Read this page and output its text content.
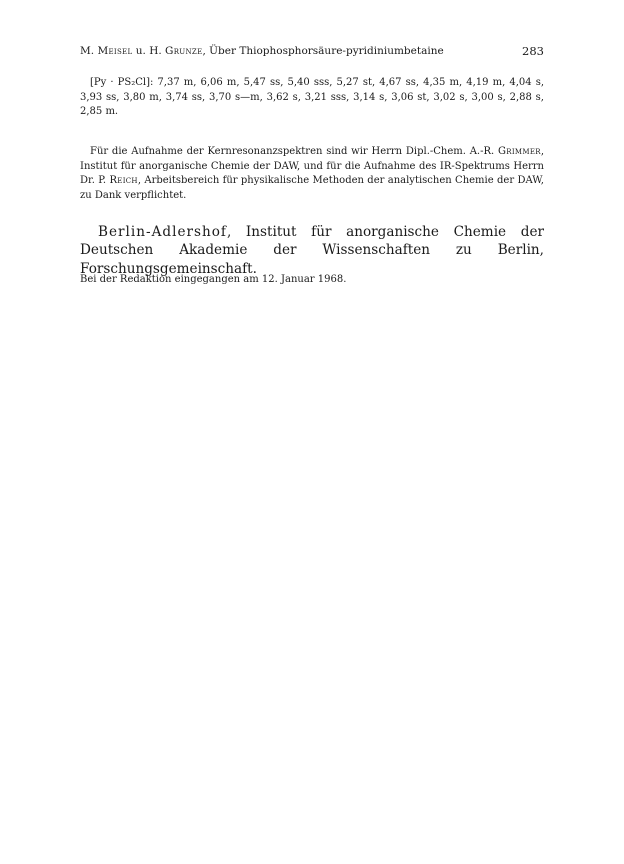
M. Meisel u. H. Grunze, Über Thiophosphorsäure-pyridiniumbetaine	283

[Py · PS₂Cl]: 7,37 m, 6,06 m, 5,47 ss, 5,40 sss, 5,27 st, 4,67 ss, 4,35 m, 4,19 m, 4,04 s, 3,93 ss, 3,80 m, 3,74 ss, 3,70 s—m, 3,62 s, 3,21 sss, 3,14 s, 3,06 st, 3,02 s, 3,00 s, 2,88 s, 2,85 m.

Für die Aufnahme der Kernresonanzspektren sind wir Herrn Dipl.-Chem. A.-R. Grimmer, Institut für anorganische Chemie der DAW, und für die Aufnahme des IR-Spektrums Herrn Dr. P. Reich, Arbeitsbereich für physikalische Methoden der analytischen Chemie der DAW, zu Dank verpflichtet.

Berlin-Adlershof, Institut für anorganische Chemie der Deutschen Akademie der Wissenschaften zu Berlin, Forschungsgemeinschaft.

Bei der Redaktion eingegangen am 12. Januar 1968.
